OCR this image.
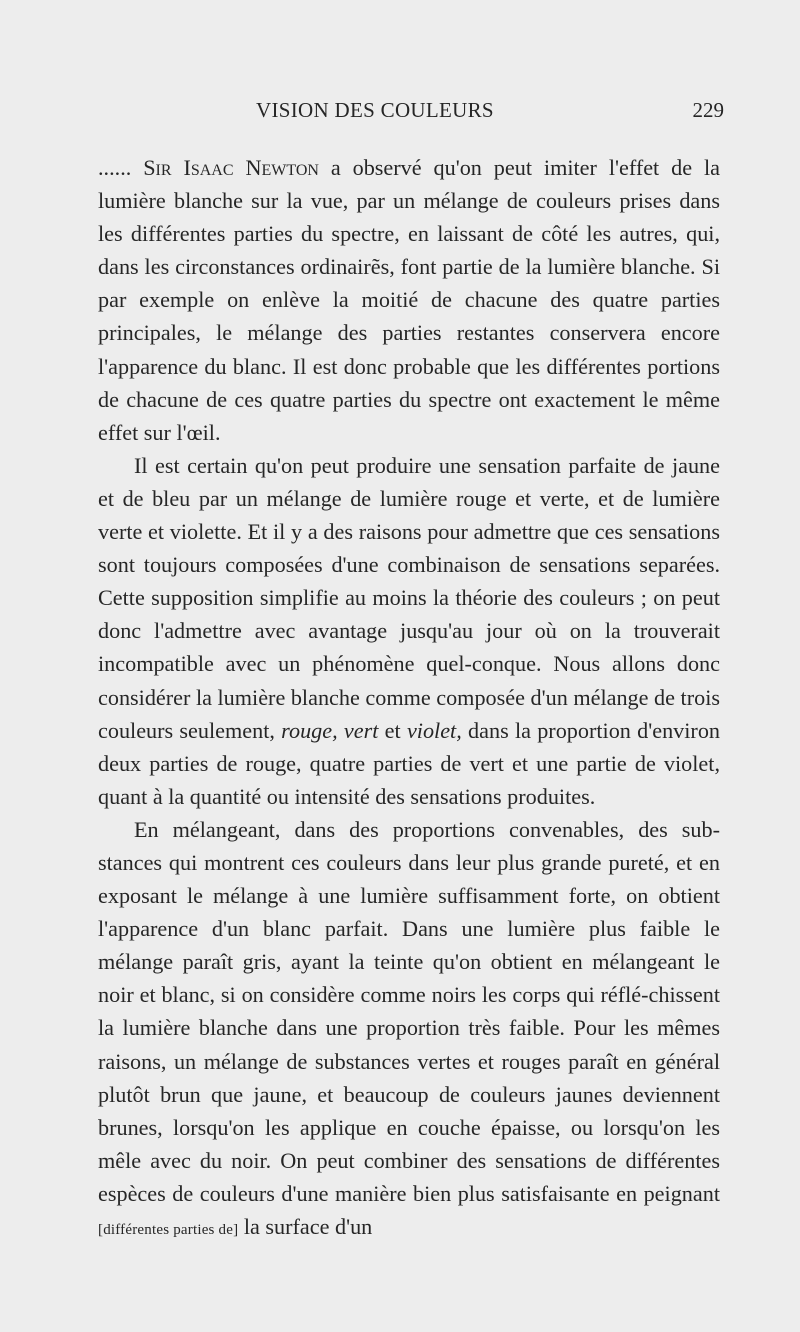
VISION DES COULEURS	229

...... Sir Isaac Newton a observé qu'on peut imiter l'effet de la lumière blanche sur la vue, par un mélange de couleurs prises dans les différentes parties du spectre, en laissant de côté les autres, qui, dans les circonstances ordinairẽs, font partie de la lumière blanche. Si par exemple on enlève la moitié de chacune des quatre parties principales, le mélange des parties restantes conservera encore l'apparence du blanc. Il est donc probable que les différentes portions de chacune de ces quatre parties du spectre ont exactement le même effet sur l'œil.

Il est certain qu'on peut produire une sensation parfaite de jaune et de bleu par un mélange de lumière rouge et verte, et de lumière verte et violette. Et il y a des raisons pour admettre que ces sensations sont toujours composées d'une combinaison de sensations separées. Cette supposition simplifie au moins la théorie des couleurs ; on peut donc l'admettre avec avantage jusqu'au jour où on la trouverait incompatible avec un phénomène quel-conque. Nous allons donc considérer la lumière blanche comme composée d'un mélange de trois couleurs seulement, rouge, vert et violet, dans la proportion d'environ deux parties de rouge, quatre parties de vert et une partie de violet, quant à la quantité ou intensité des sensations produites.

En mélangeant, dans des proportions convenables, des sub-stances qui montrent ces couleurs dans leur plus grande pureté, et en exposant le mélange à une lumière suffisamment forte, on obtient l'apparence d'un blanc parfait. Dans une lumière plus faible le mélange paraît gris, ayant la teinte qu'on obtient en mélangeant le noir et blanc, si on considère comme noirs les corps qui réflé-chissent la lumière blanche dans une proportion très faible. Pour les mêmes raisons, un mélange de substances vertes et rouges paraît en général plutôt brun que jaune, et beaucoup de couleurs jaunes deviennent brunes, lorsqu'on les applique en couche épaisse, ou lorsqu'on les mêle avec du noir. On peut combiner des sensations de différentes espèces de couleurs d'une manière bien plus satisfaisante en peignant [différentes parties de] la surface d'un
